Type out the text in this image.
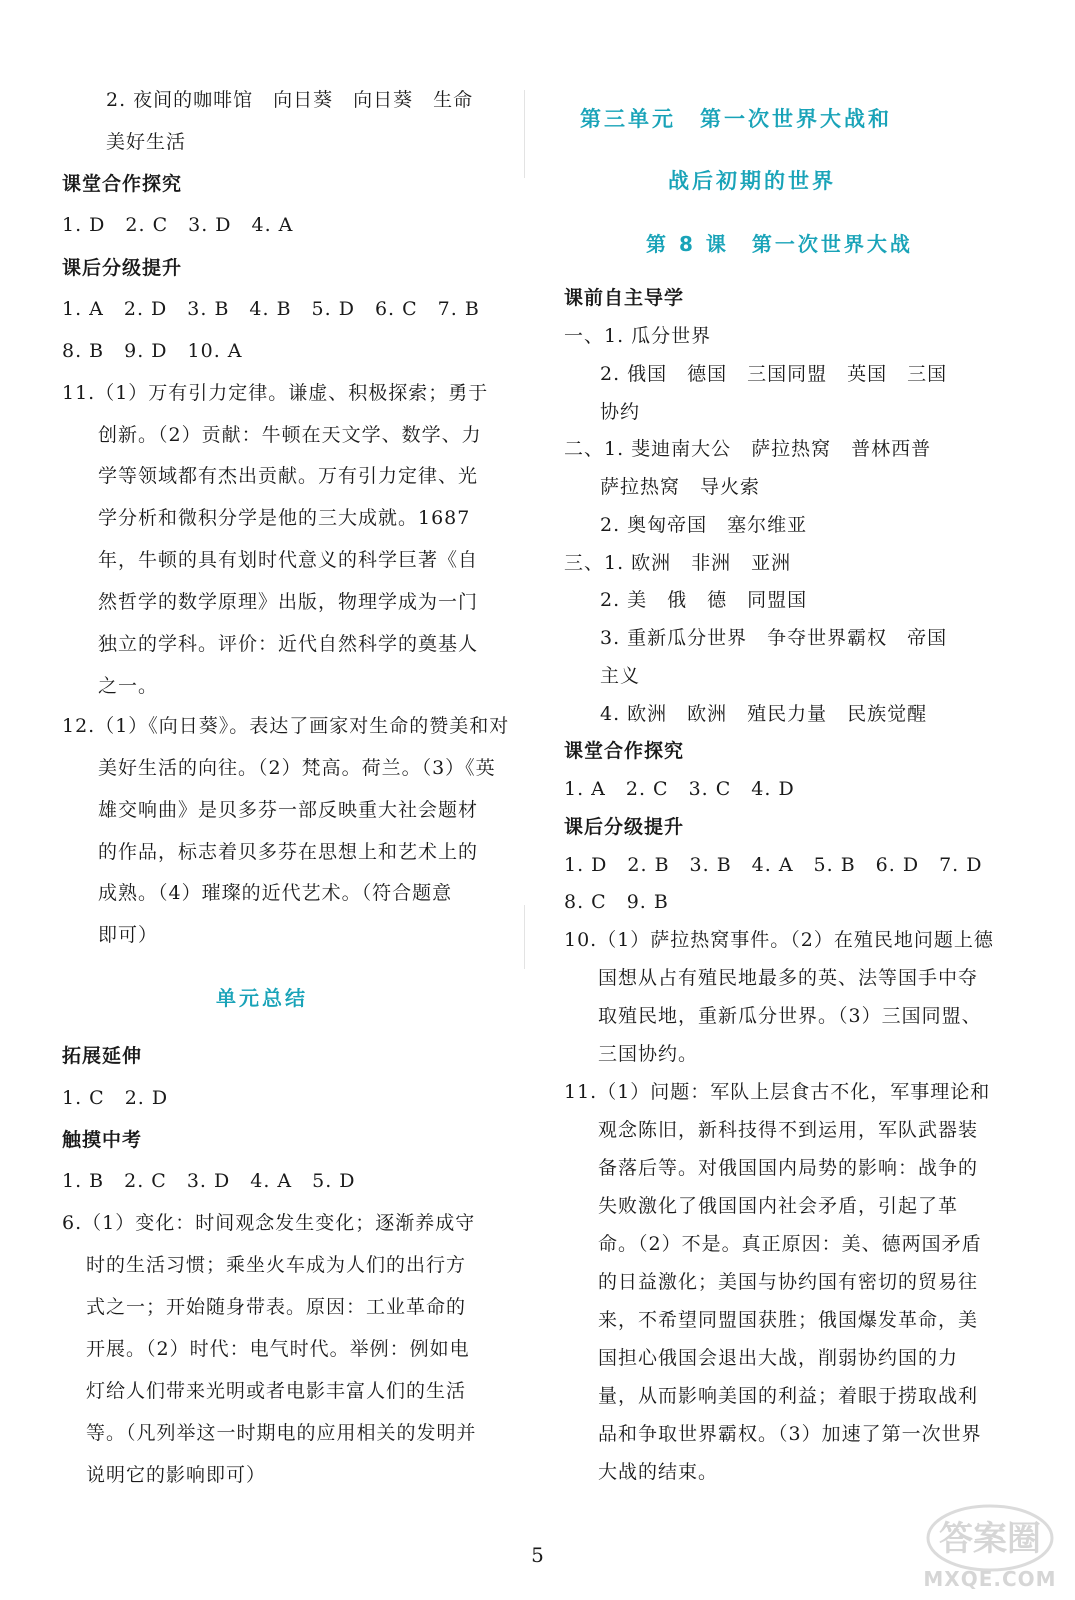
2. 夜间的咖啡馆　向日葵　向日葵　生命
美好生活
课堂合作探究
1. D　2. C　3. D　4. A
课后分级提升
1. A　2. D　3. B　4. B　5. D　6. C　7. B
8. B　9. D　10. A
11.（1）万有引力定律。谦虚、积极探索；勇于
创新。（2）贡献：牛顿在天文学、数学、力
学等领域都有杰出贡献。万有引力定律、光
学分析和微积分学是他的三大成就。1687
年，牛顿的具有划时代意义的科学巨著《自
然哲学的数学原理》出版，物理学成为一门
独立的学科。评价：近代自然科学的奠基人
之一。
12.（1）《向日葵》。表达了画家对生命的赞美和对
美好生活的向往。（2）梵高。荷兰。（3）《英
雄交响曲》是贝多芬一部反映重大社会题材
的作品，标志着贝多芬在思想上和艺术上的
成熟。（4）璀璨的近代艺术。（符合题意
即可）
单元总结
拓展延伸
1. C　2. D
触摸中考
1. B　2. C　3. D　4. A　5. D
6.（1）变化：时间观念发生变化；逐渐养成守
时的生活习惯；乘坐火车成为人们的出行方
式之一；开始随身带表。原因：工业革命的
开展。（2）时代：电气时代。举例：例如电
灯给人们带来光明或者电影丰富人们的生活
等。（凡列举这一时期电的应用相关的发明并
说明它的影响即可）
第三单元　第一次世界大战和
战后初期的世界
第 8 课　第一次世界大战
课前自主导学
一、1. 瓜分世界
2. 俄国　德国　三国同盟　英国　三国
协约
二、1. 斐迪南大公　萨拉热窝　普林西普
萨拉热窝　导火索
2. 奥匈帝国　塞尔维亚
三、1. 欧洲　非洲　亚洲
2. 美　俄　德　同盟国
3. 重新瓜分世界　争夺世界霸权　帝国
主义
4. 欧洲　欧洲　殖民力量　民族觉醒
课堂合作探究
1. A　2. C　3. C　4. D
课后分级提升
1. D　2. B　3. B　4. A　5. B　6. D　7. D
8. C　9. B
10.（1）萨拉热窝事件。（2）在殖民地问题上德
国想从占有殖民地最多的英、法等国手中夺
取殖民地，重新瓜分世界。（3）三国同盟、
三国协约。
11.（1）问题：军队上层食古不化，军事理论和
观念陈旧，新科技得不到运用，军队武器装
备落后等。对俄国国内局势的影响：战争的
失败激化了俄国国内社会矛盾，引起了革
命。（2）不是。真正原因：美、德两国矛盾
的日益激化；美国与协约国有密切的贸易往
来，不希望同盟国获胜；俄国爆发革命，美
国担心俄国会退出大战，削弱协约国的力
量，从而影响美国的利益；着眼于捞取战利
品和争取世界霸权。（3）加速了第一次世界
大战的结束。
5	答案圈
MXQE.COM
